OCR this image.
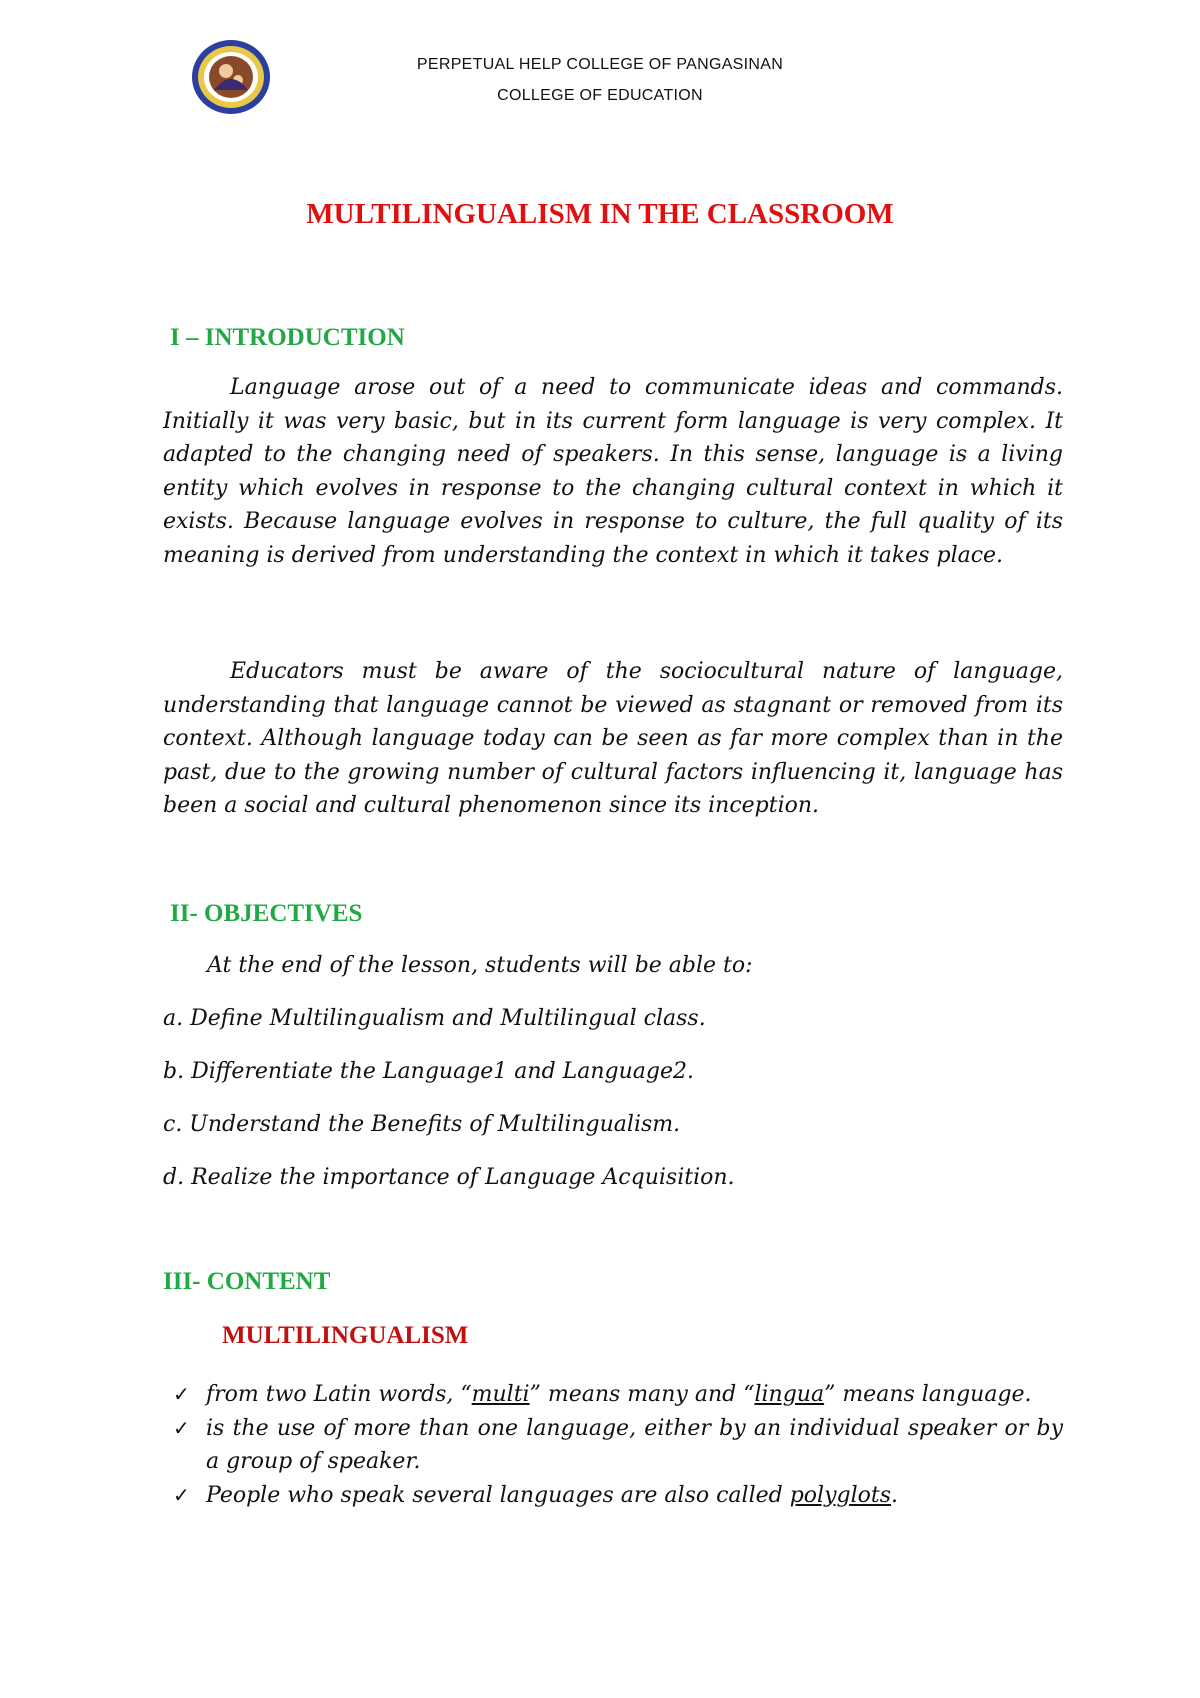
PERPETUAL HELP COLLEGE OF PANGASINAN
COLLEGE OF EDUCATION
MULTILINGUALISM IN THE CLASSROOM
I – INTRODUCTION

Language arose out of a need to communicate ideas and commands. Initially it was very basic, but in its current form language is very complex. It adapted to the changing need of speakers. In this sense, language is a living entity which evolves in response to the changing cultural context in which it exists. Because language evolves in response to culture, the full quality of its meaning is derived from understanding the context in which it takes place.

Educators must be aware of the sociocultural nature of language, understanding that language cannot be viewed as stagnant or removed from its context. Although language today can be seen as far more complex than in the past, due to the growing number of cultural factors influencing it, language has been a social and cultural phenomenon since its inception.

II- OBJECTIVES

At the end of the lesson, students will be able to:

a. Define Multilingualism and Multilingual class.

b. Differentiate the Language1 and Language2.

c. Understand the Benefits of Multilingualism.

d. Realize the importance of Language Acquisition.

III- CONTENT
MULTILINGUALISM
✓ from two Latin words, “multi” means many and “lingua” means language.
✓ is the use of more than one language, either by an individual speaker or by a group of speaker.
✓ People who speak several languages are also called polyglots.
